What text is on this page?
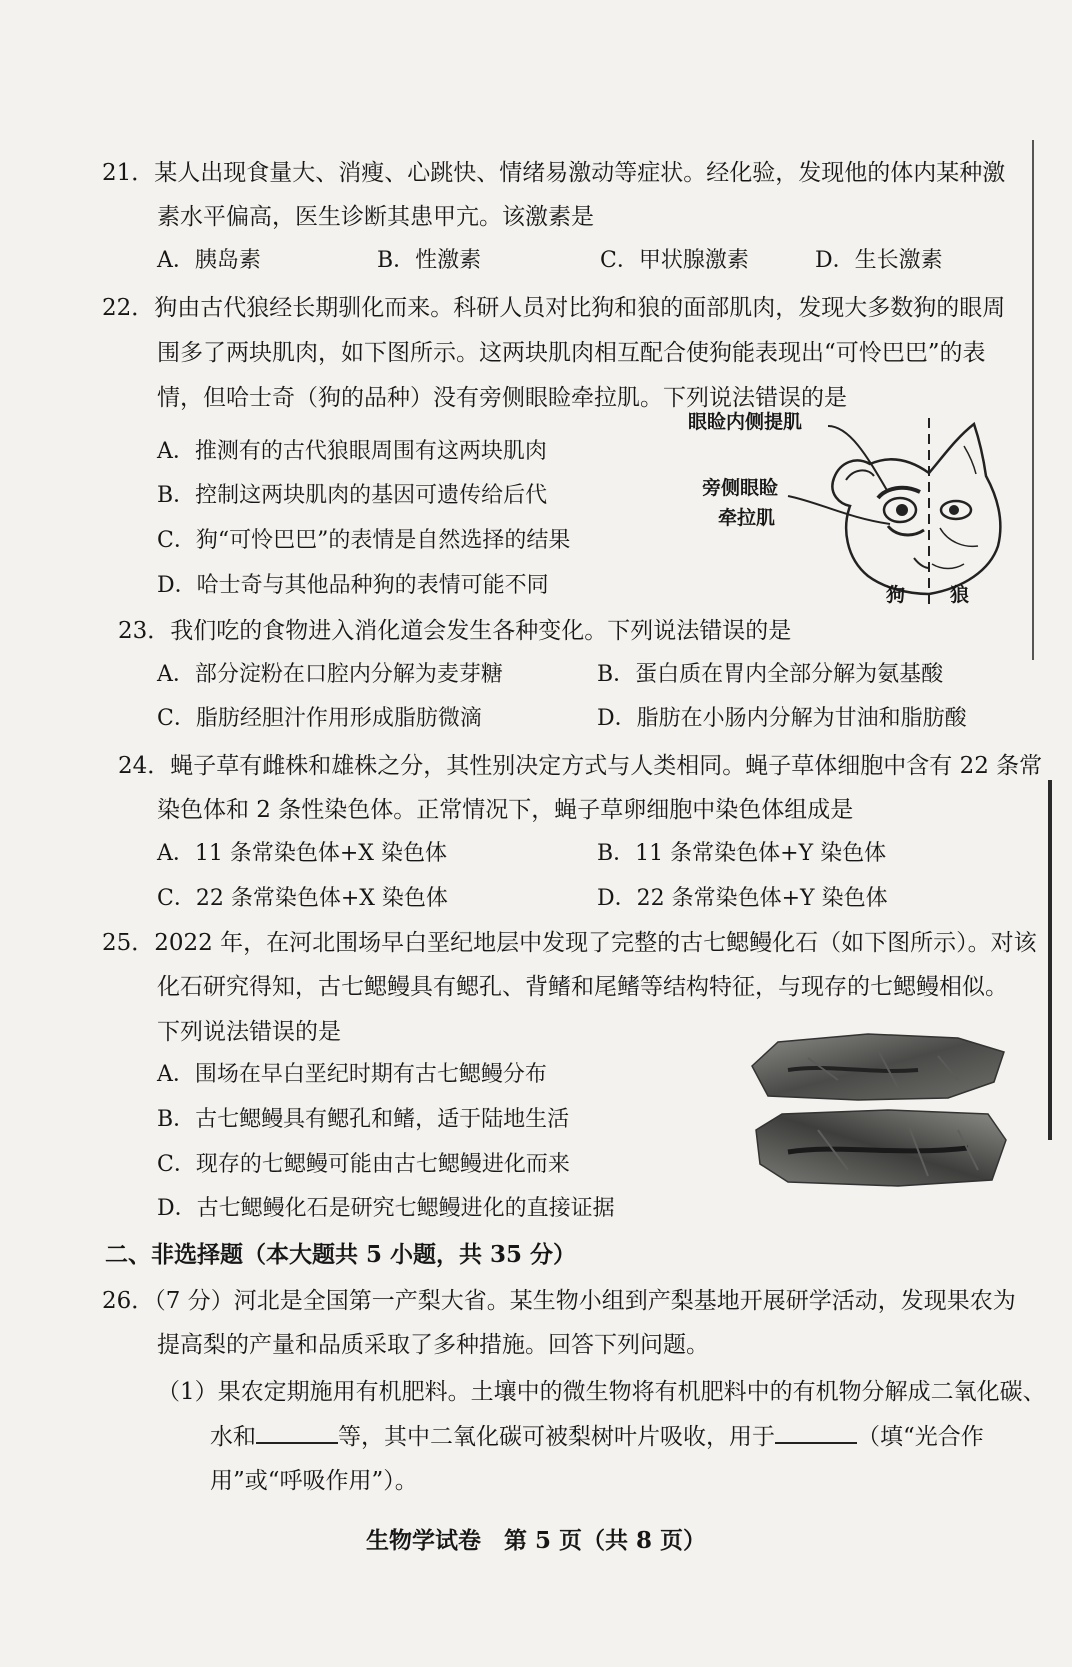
21．某人出现食量大、消瘦、心跳快、情绪易激动等症状。经化验，发现他的体内某种激
素水平偏高，医生诊断其患甲亢。该激素是
A．胰岛素	B．性激素	C．甲状腺激素	D．生长激素
22．狗由古代狼经长期驯化而来。科研人员对比狗和狼的面部肌肉，发现大多数狗的眼周
围多了两块肌肉，如下图所示。这两块肌肉相互配合使狗能表现出“可怜巴巴”的表
情，但哈士奇（狗的品种）没有旁侧眼睑牵拉肌。下列说法错误的是
A．推测有的古代狼眼周围有这两块肌肉
B．控制这两块肌肉的基因可遗传给后代
C．狗“可怜巴巴”的表情是自然选择的结果
D．哈士奇与其他品种狗的表情可能不同
眼睑内侧提肌
旁侧眼睑
牵拉肌
狗 狼
23．我们吃的食物进入消化道会发生各种变化。下列说法错误的是
A．部分淀粉在口腔内分解为麦芽糖	B．蛋白质在胃内全部分解为氨基酸
C．脂肪经胆汁作用形成脂肪微滴	D．脂肪在小肠内分解为甘油和脂肪酸
24．蝇子草有雌株和雄株之分，其性别决定方式与人类相同。蝇子草体细胞中含有 22 条常
染色体和 2 条性染色体。正常情况下，蝇子草卵细胞中染色体组成是
A．11 条常染色体+X 染色体	B．11 条常染色体+Y 染色体
C．22 条常染色体+X 染色体	D．22 条常染色体+Y 染色体
25．2022 年，在河北围场早白垩纪地层中发现了完整的古七鳃鳗化石（如下图所示）。对该
化石研究得知，古七鳃鳗具有鳃孔、背鳍和尾鳍等结构特征，与现存的七鳃鳗相似。
下列说法错误的是
A．围场在早白垩纪时期有古七鳃鳗分布
B．古七鳃鳗具有鳃孔和鳍，适于陆地生活
C．现存的七鳃鳗可能由古七鳃鳗进化而来
D．古七鳃鳗化石是研究七鳃鳗进化的直接证据
二、非选择题（本大题共 5 小题，共 35 分）
26．（7 分）河北是全国第一产梨大省。某生物小组到产梨基地开展研学活动，发现果农为
提高梨的产量和品质采取了多种措施。回答下列问题。
（1）果农定期施用有机肥料。土壤中的微生物将有机肥料中的有机物分解成二氧化碳、
水和	等，其中二氧化碳可被梨树叶片吸收，用于	（填“光合作
用”或“呼吸作用”）。
生物学试卷　第 5 页（共 8 页）
